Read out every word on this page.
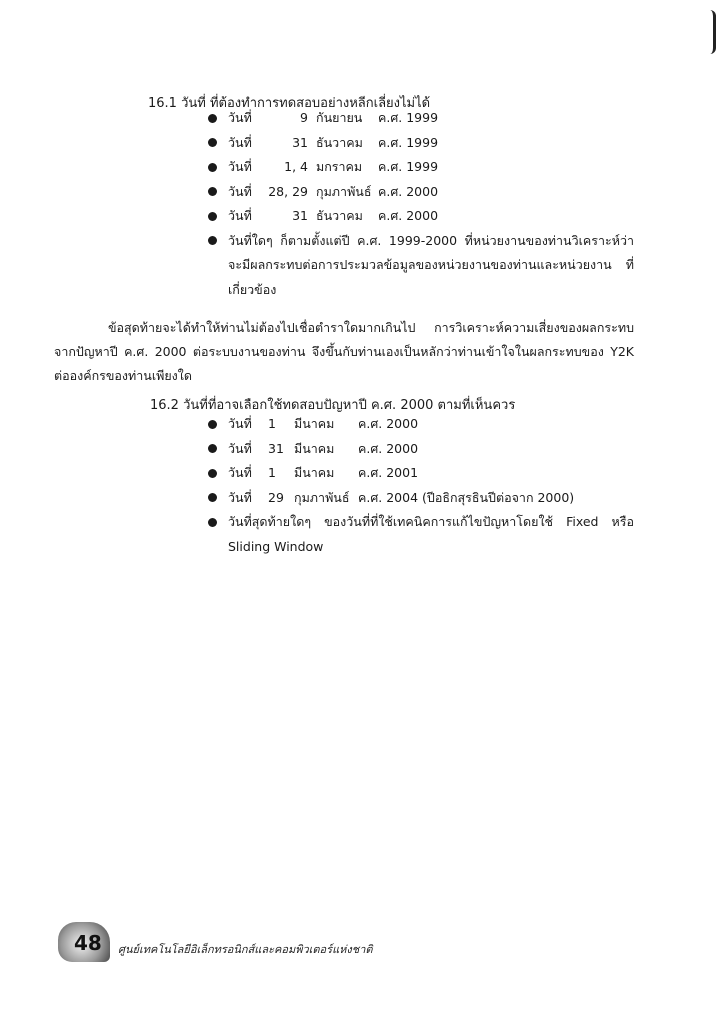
16.1 วันที่ ที่ต้องทำการทดสอบอย่างหลีกเลี่ยงไม่ได้
วันที่	9 กันยายน	ค.ศ. 1999
วันที่	31 ธันวาคม	ค.ศ. 1999
วันที่	1, 4 มกราคม	ค.ศ. 1999
วันที่	28, 29 กุมภาพันธ์ ค.ศ. 2000
วันที่	31 ธันวาคม	ค.ศ. 2000
วันที่ใดๆ ก็ตามตั้งแต่ปี ค.ศ. 1999-2000 ที่หน่วยงานของท่านวิเคราะห์ว่า จะมีผลกระทบต่อการประมวลข้อมูลของหน่วยงานของท่านและหน่วยงาน ที่เกี่ยวข้อง

ข้อสุดท้ายจะได้ทำให้ท่านไม่ต้องไปเชื่อตำราใดมากเกินไป การวิเคราะห์ความเสี่ยงของผลกระทบจากปัญหาปี ค.ศ. 2000 ต่อระบบงานของท่าน จึงขึ้นกับท่านเองเป็นหลักว่าท่านเข้าใจในผลกระทบของ Y2K ต่อองค์กรของท่านเพียงใด

16.2 วันที่ที่อาจเลือกใช้ทดสอบปัญหาปี ค.ศ. 2000 ตามที่เห็นควร
วันที่	1	มีนาคม	ค.ศ. 2000
วันที่	31 มีนาคม	ค.ศ. 2000
วันที่	1	มีนาคม	ค.ศ. 2001
วันที่	29 กุมภาพันธ์ ค.ศ. 2004 (ปีอธิกสุรธินปีต่อจาก 2000)
วันที่สุดท้ายใดๆ ของวันที่ที่ใช้เทคนิคการแก้ไขปัญหาโดยใช้ Fixed หรือ Sliding Window
48 ศูนย์เทคโนโลยีอิเล็กทรอนิกส์และคอมพิวเตอร์แห่งชาติ
